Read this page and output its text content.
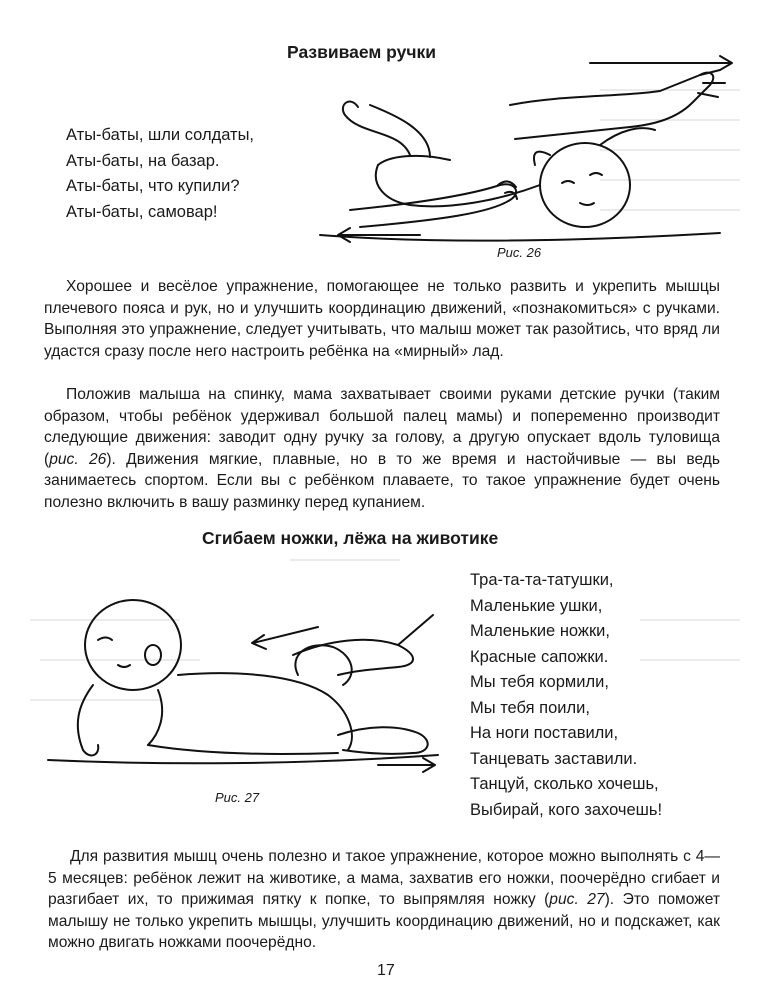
Развиваем ручки
Аты-баты, шли солдаты,
Аты-баты, на базар.
Аты-баты, что купили?
Аты-баты, самовар!
Рис. 26

Хорошее и весёлое упражнение, помогающее не только развить и укрепить мышцы плечевого пояса и рук, но и улучшить координацию движений, «познакомиться» с ручками. Выполняя это упражнение, следует учитывать, что малыш может так разойтись, что вряд ли удастся сразу после него настроить ребёнка на «мирный» лад.

Положив малыша на спинку, мама захватывает своими руками детские ручки (таким образом, чтобы ребёнок удерживал большой палец мамы) и попеременно производит следующие движения: заводит одну ручку за голову, а другую опускает вдоль туловища (рис. 26). Движения мягкие, плавные, но в то же время и настойчивые — вы ведь занимаетесь спортом. Если вы с ребёнком плаваете, то такое упражнение будет очень полезно включить в вашу разминку перед купанием.

Сгибаем ножки, лёжа на животике
Рис. 27
Тра-та-та-татушки,
Маленькие ушки,
Маленькие ножки,
Красные сапожки.
Мы тебя кормили,
Мы тебя поили,
На ноги поставили,
Танцевать заставили.
Танцуй, сколько хочешь,
Выбирай, кого захочешь!

Для развития мышц очень полезно и такое упражнение, которое можно выполнять с 4—5 месяцев: ребёнок лежит на животике, а мама, захватив его ножки, поочерёдно сгибает и разгибает их, то прижимая пятку к попке, то выпрямляя ножку (рис. 27). Это поможет малышу не только укрепить мышцы, улучшить координацию движений, но и подскажет, как можно двигать ножками поочерёдно.

17
